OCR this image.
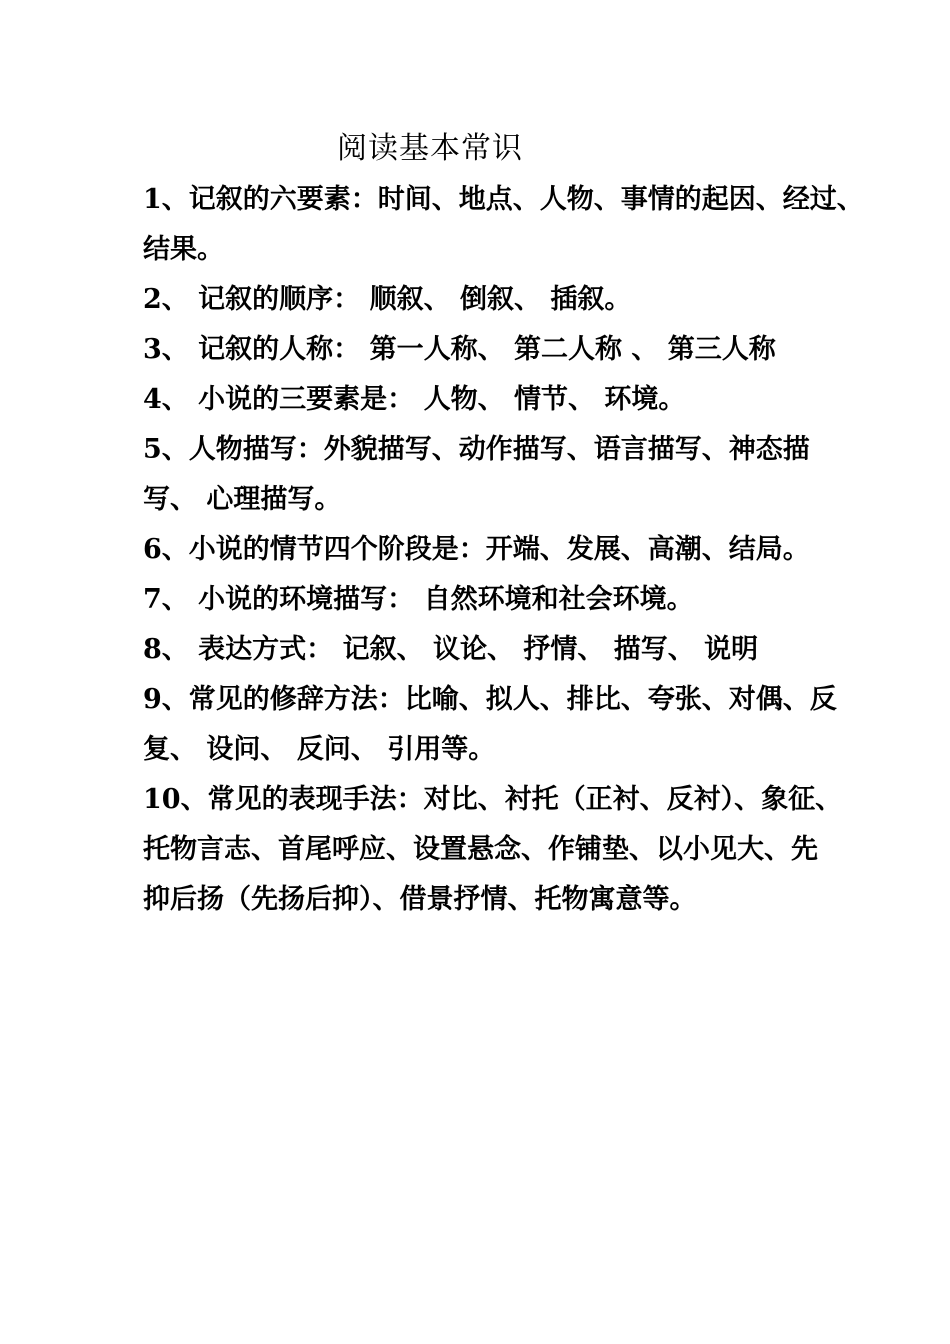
阅读基本常识
1、记叙的六要素：时间、地点、人物、事情的起因、经过、
结果。
2、 记叙的顺序： 顺叙、 倒叙、 插叙。
3、 记叙的人称： 第一人称、 第二人称 、 第三人称
4、 小说的三要素是： 人物、 情节、 环境。
5、人物描写：外貌描写、动作描写、语言描写、神态描
写、 心理描写。
6、小说的情节四个阶段是：开端、发展、高潮、结局。
7、 小说的环境描写： 自然环境和社会环境。
8、 表达方式： 记叙、 议论、 抒情、 描写、 说明
9、常见的修辞方法：比喻、拟人、排比、夸张、对偶、反
复、 设问、 反问、 引用等。
10、常见的表现手法：对比、衬托（正衬、反衬）、象征、
托物言志、首尾呼应、设置悬念、作铺垫、以小见大、先
抑后扬（先扬后抑）、借景抒情、托物寓意等。
